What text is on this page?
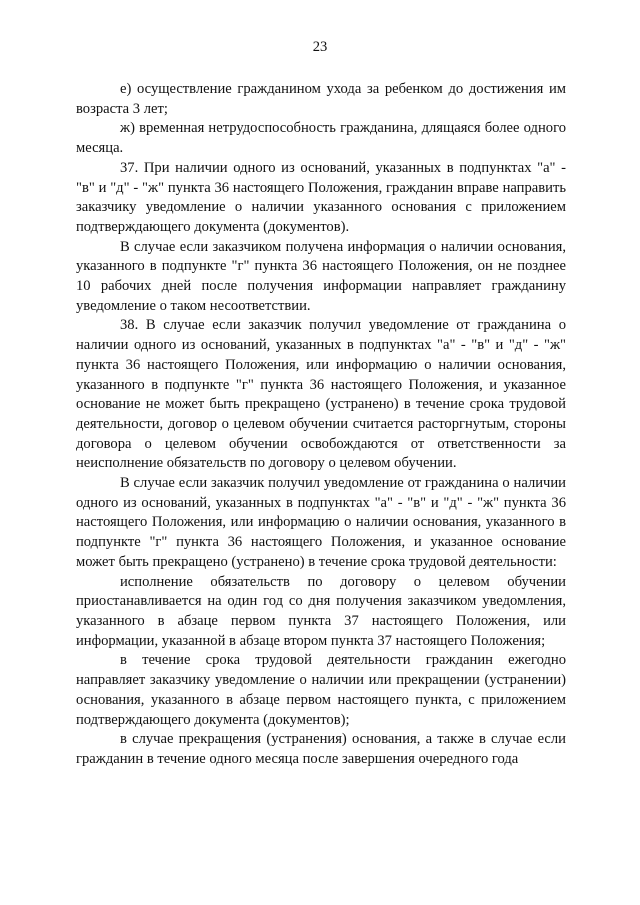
23

е) осуществление гражданином ухода за ребенком до достижения им возраста 3 лет;

ж) временная нетрудоспособность гражданина, длящаяся более одного месяца.

37. При наличии одного из оснований, указанных в подпунктах "а" - "в" и "д" - "ж" пункта 36 настоящего Положения, гражданин вправе направить заказчику уведомление о наличии указанного основания с приложением подтверждающего документа (документов).

В случае если заказчиком получена информация о наличии основания, указанного в подпункте "г" пункта 36 настоящего Положения, он не позднее 10 рабочих дней после получения информации направляет гражданину уведомление о таком несоответствии.

38. В случае если заказчик получил уведомление от гражданина о наличии одного из оснований, указанных в подпунктах "а" - "в" и "д" - "ж" пункта 36 настоящего Положения, или информацию о наличии основания, указанного в подпункте "г" пункта 36 настоящего Положения, и указанное основание не может быть прекращено (устранено) в течение срока трудовой деятельности, договор о целевом обучении считается расторгнутым, стороны договора о целевом обучении освобождаются от ответственности за неисполнение обязательств по договору о целевом обучении.

В случае если заказчик получил уведомление от гражданина о наличии одного из оснований, указанных в подпунктах "а" - "в" и "д" - "ж" пункта 36 настоящего Положения, или информацию о наличии основания, указанного в подпункте "г" пункта 36 настоящего Положения, и указанное основание может быть прекращено (устранено) в течение срока трудовой деятельности:

исполнение обязательств по договору о целевом обучении приостанавливается на один год со дня получения заказчиком уведомления, указанного в абзаце первом пункта 37 настоящего Положения, или информации, указанной в абзаце втором пункта 37 настоящего Положения;

в течение срока трудовой деятельности гражданин ежегодно направляет заказчику уведомление о наличии или прекращении (устранении) основания, указанного в абзаце первом настоящего пункта, с приложением подтверждающего документа (документов);

в случае прекращения (устранения) основания, а также в случае если гражданин в течение одного месяца после завершения очередного года
